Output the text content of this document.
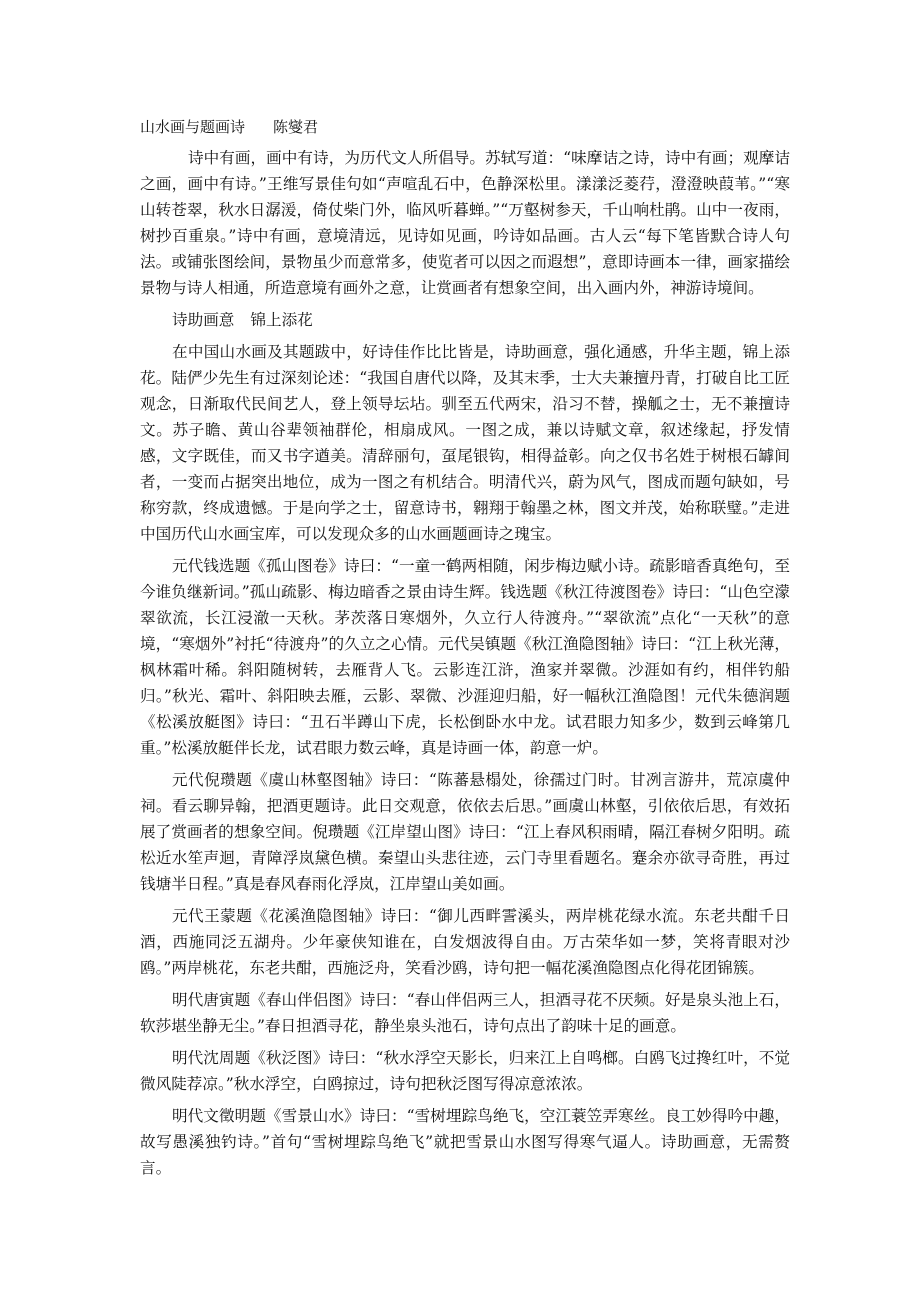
山水画与题画诗 陈燮君

诗中有画，画中有诗，为历代文人所倡导。苏轼写道：“味摩诘之诗，诗中有画；观摩诘之画，画中有诗。”王维写景佳句如“声喧乱石中，色静深松里。漾漾泛菱荇，澄澄映葭苇。”“寒山转苍翠，秋水日潺湲，倚仗柴门外，临风听暮蝉。”“万壑树参天，千山响杜鹃。山中一夜雨，树抄百重泉。”诗中有画，意境清远，见诗如见画，吟诗如品画。古人云“每下笔皆默合诗人句法。或铺张图绘间，景物虽少而意常多，使览者可以因之而遐想”，意即诗画本一律，画家描绘景物与诗人相通，所造意境有画外之意，让赏画者有想象空间，出入画内外，神游诗境间。

诗助画意 锦上添花

在中国山水画及其题跋中，好诗佳作比比皆是，诗助画意，强化通感，升华主题，锦上添花。陆俨少先生有过深刻论述：“我国自唐代以降，及其末季，士大夫兼擅丹青，打破自比工匠观念，日渐取代民间艺人，登上领导坛坫。驯至五代两宋，沿习不替，操觚之士，无不兼擅诗文。苏子瞻、黄山谷辈领袖群伦，相扇成风。一图之成，兼以诗赋文章，叙述缘起，抒发情感，文字既佳，而又书字遒美。清辞丽句，虿尾银钩，相得益彰。向之仅书名姓于树根石罅间者，一变而占据突出地位，成为一图之有机结合。明清代兴，蔚为风气，图成而题句缺如，号称穷款，终成遗憾。于是向学之士，留意诗书，翱翔于翰墨之林，图文并茂，始称联璧。”走进中国历代山水画宝库，可以发现众多的山水画题画诗之瑰宝。

元代钱选题《孤山图卷》诗曰：“一童一鹤两相随，闲步梅边赋小诗。疏影暗香真绝句，至今谁负继新词。”孤山疏影、梅边暗香之景由诗生辉。钱选题《秋江待渡图卷》诗曰：“山色空濛翠欲流，长江浸澈一天秋。茅茨落日寒烟外，久立行人待渡舟。”“翠欲流”点化“一天秋”的意境，“寒烟外”衬托“待渡舟”的久立之心情。元代吴镇题《秋江渔隐图轴》诗曰：“江上秋光薄，枫林霜叶稀。斜阳随树转，去雁背人飞。云影连江浒，渔家并翠微。沙涯如有约，相伴钓船归。”秋光、霜叶、斜阳映去雁，云影、翠微、沙涯迎归船，好一幅秋江渔隐图！元代朱德润题《松溪放艇图》诗曰：“丑石半蹲山下虎，长松倒卧水中龙。试君眼力知多少，数到云峰第几重。”松溪放艇伴长龙，试君眼力数云峰，真是诗画一体，韵意一炉。

元代倪瓒题《虞山林壑图轴》诗曰：“陈蕃悬榻处，徐孺过门时。甘冽言游井，荒凉虞仲祠。看云聊异翰，把酒更题诗。此日交观意，依依去后思。”画虞山林壑，引依依后思，有效拓展了赏画者的想象空间。倪瓒题《江岸望山图》诗曰：“江上春风积雨晴，隔江春树夕阳明。疏松近水笙声迴，青障浮岚黛色横。秦望山头悲往迹，云门寺里看题名。蹇余亦欲寻奇胜，再过钱塘半日程。”真是春风春雨化浮岚，江岸望山美如画。

元代王蒙题《花溪渔隐图轴》诗曰：“御儿西畔霅溪头，两岸桃花绿水流。东老共酣千日酒，西施同泛五湖舟。少年豪侠知谁在，白发烟波得自由。万古荣华如一梦，笑将青眼对沙鸥。”两岸桃花，东老共酣，西施泛舟，笑看沙鸥，诗句把一幅花溪渔隐图点化得花团锦簇。

明代唐寅题《春山伴侣图》诗曰：“春山伴侣两三人，担酒寻花不厌频。好是泉头池上石，软莎堪坐静无尘。”春日担酒寻花，静坐泉头池石，诗句点出了韵味十足的画意。

明代沈周题《秋泛图》诗曰：“秋水浮空天影长，归来江上自鸣榔。白鸥飞过搀红叶，不觉微风陡荐凉。”秋水浮空，白鸥掠过，诗句把秋泛图写得凉意浓浓。

明代文徵明题《雪景山水》诗曰：“雪树埋踪鸟绝飞，空江蓑笠弄寒丝。良工妙得吟中趣，故写愚溪独钓诗。”首句“雪树埋踪鸟绝飞”就把雪景山水图写得寒气逼人。诗助画意，无需赘言。
